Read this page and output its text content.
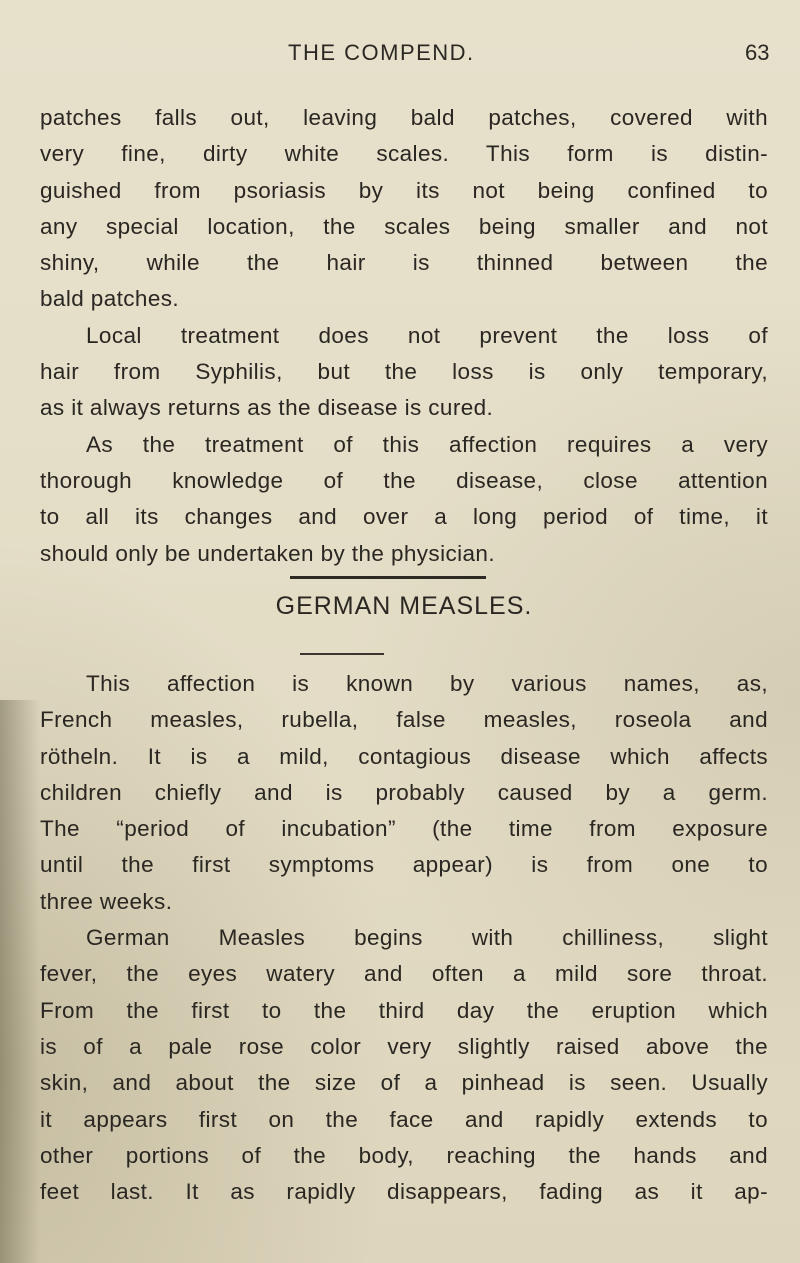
THE COMPEND.	63
patches falls out, leaving bald patches, covered with
very fine, dirty white scales. This form is distin-
guished from psoriasis by its not being confined to
any special location, the scales being smaller and not
shiny, while the hair is thinned between the
bald patches.
Local treatment does not prevent the loss of
hair from Syphilis, but the loss is only temporary,
as it always returns as the disease is cured.
As the treatment of this affection requires a very
thorough knowledge of the disease, close attention
to all its changes and over a long period of time, it
should only be undertaken by the physician.
GERMAN MEASLES.
This affection is known by various names, as,
French measles, rubella, false measles, roseola and
rötheln. It is a mild, contagious disease which affects
children chiefly and is probably caused by a germ.
The “period of incubation” (the time from exposure
until the first symptoms appear) is from one to
three weeks.
German Measles begins with chilliness, slight
fever, the eyes watery and often a mild sore throat.
From the first to the third day the eruption which
is of a pale rose color very slightly raised above the
skin, and about the size of a pinhead is seen. Usually
it appears first on the face and rapidly extends to
other portions of the body, reaching the hands and
feet last. It as rapidly disappears, fading as it ap-
